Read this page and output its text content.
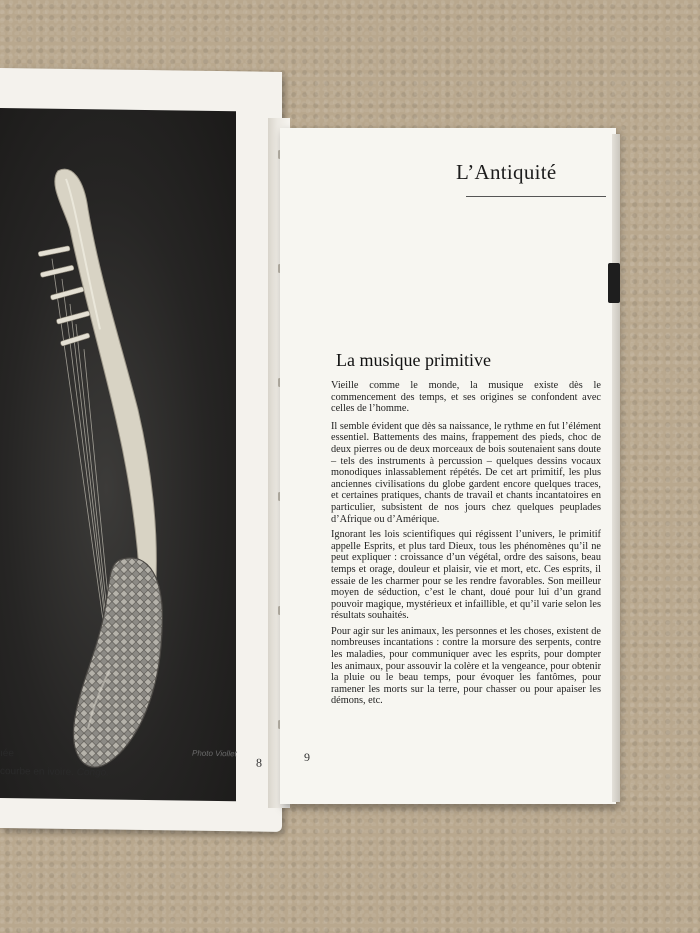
Photo Viollet
8
ıée
courbe en ivoire. Congo.
L’Antiquité
La musique primitive

Vieille comme le monde, la musique existe dès le commencement des temps, et ses origines se confondent avec celles de l’homme.

Il semble évident que dès sa naissance, le rythme en fut l’élément essentiel. Battements des mains, frappement des pieds, choc de deux pierres ou de deux morceaux de bois soutenaient sans doute – tels des instruments à percussion – quelques dessins vocaux monodiques inlassablement répétés. De cet art primitif, les plus anciennes civilisations du globe gardent encore quelques traces, et certaines pratiques, chants de travail et chants incantatoires en particulier, subsistent de nos jours chez quelques peuplades d’Afrique ou d’Amérique.

Ignorant les lois scientifiques qui régissent l’univers, le primitif appelle Esprits, et plus tard Dieux, tous les phénomènes qu’il ne peut expliquer : croissance d’un végétal, ordre des saisons, beau temps et orage, douleur et plaisir, vie et mort, etc. Ces esprits, il essaie de les charmer pour se les rendre favorables. Son meilleur moyen de séduction, c’est le chant, doué pour lui d’un grand pouvoir magique, mystérieux et infaillible, et qu’il varie selon les résultats souhaités.

Pour agir sur les animaux, les personnes et les choses, existent de nombreuses incantations : contre la morsure des serpents, contre les maladies, pour communiquer avec les esprits, pour dompter les animaux, pour assouvir la colère et la vengeance, pour obtenir la pluie ou le beau temps, pour évoquer les fantômes, pour ramener les morts sur la terre, pour chasser ou pour apaiser les démons, etc.

9
